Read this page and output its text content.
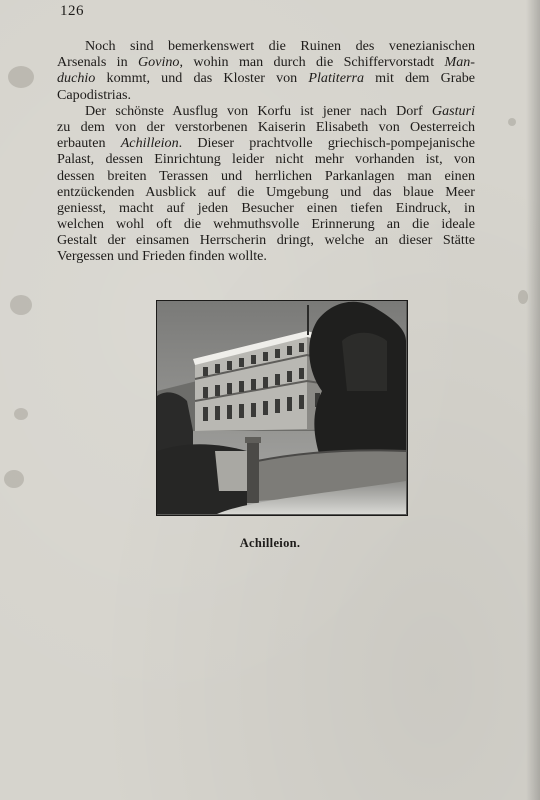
126
Noch sind bemerkenswert die Ruinen des venezianischen
Arsenals in Govino, wohin man durch die Schiffervorstadt Man-
duchio kommt, und das Kloster von Platiterra mit dem Grabe
Capodistrias.
Der schönste Ausflug von Korfu ist jener nach Dorf Gasturi
zu dem von der verstorbenen Kaiserin Elisabeth von Oesterreich
erbauten Achilleion. Dieser prachtvolle griechisch-pompejanische
Palast, dessen Einrichtung leider nicht mehr vorhanden ist, von
dessen breiten Terassen und herrlichen Parkanlagen man einen
entzückenden Ausblick auf die Umgebung und das blaue Meer
geniesst, macht auf jeden Besucher einen tiefen Eindruck, in
welchen wohl oft die wehmuthsvolle Erinnerung an die ideale
Gestalt der einsamen Herrscherin dringt, welche an dieser Stätte
Vergessen und Frieden finden wollte.
Achilleion.
